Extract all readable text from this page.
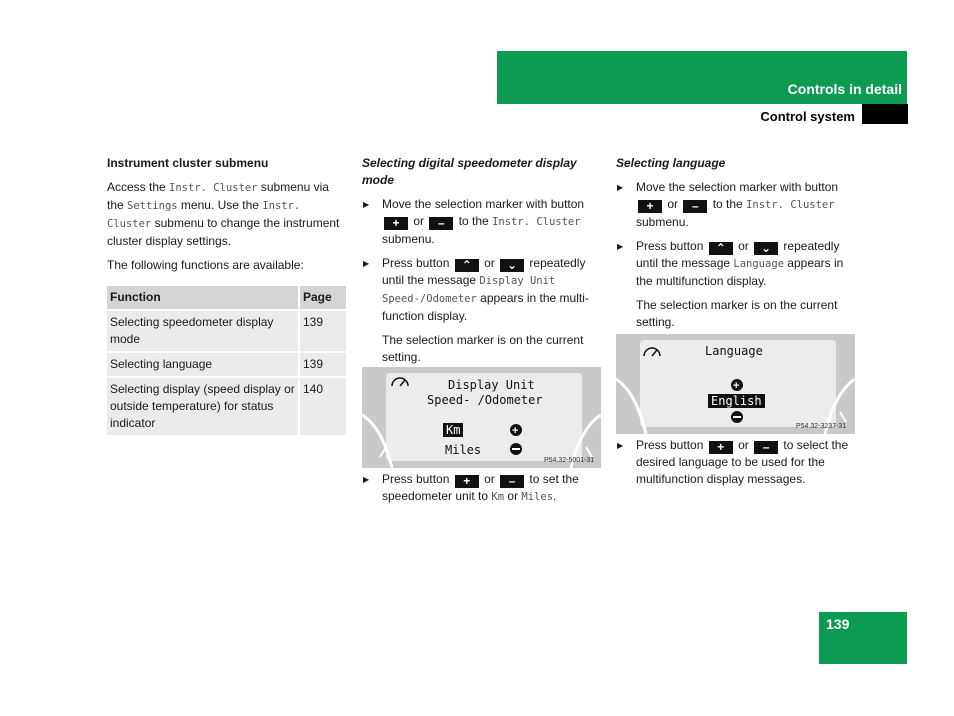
Controls in detail
Control system

Instrument cluster submenu

Access the Instr. Cluster submenu via the Settings menu. Use the Instr. Cluster submenu to change the instrument cluster display settings.

The following functions are available:

Function	Page
Selecting speedometer display mode	139
Selecting language	139
Selecting display (speed display or outside temperature) for status indicator	140

Selecting digital speedometer display mode

▶ Move the selection marker with button + or – to the Instr. Cluster submenu.
▶ Press button ⌃ or ⌄ repeatedly until the message Display Unit Speed-/Odometer appears in the multi-function display.

The selection marker is on the current setting.

+
Display Unit
Speed- /Odometer
Km
Miles
P54.32-5001-31
▶ Press button + or – to set the speedometer unit to Km or Miles.

Selecting language

▶ Move the selection marker with button + or – to the Instr. Cluster submenu.
▶ Press button ⌃ or ⌄ repeatedly until the message Language appears in the multifunction display.

The selection marker is on the current setting.

+
Language
English
P54.32-3237-31
▶ Press button + or – to select the desired language to be used for the multifunction display messages.
139
